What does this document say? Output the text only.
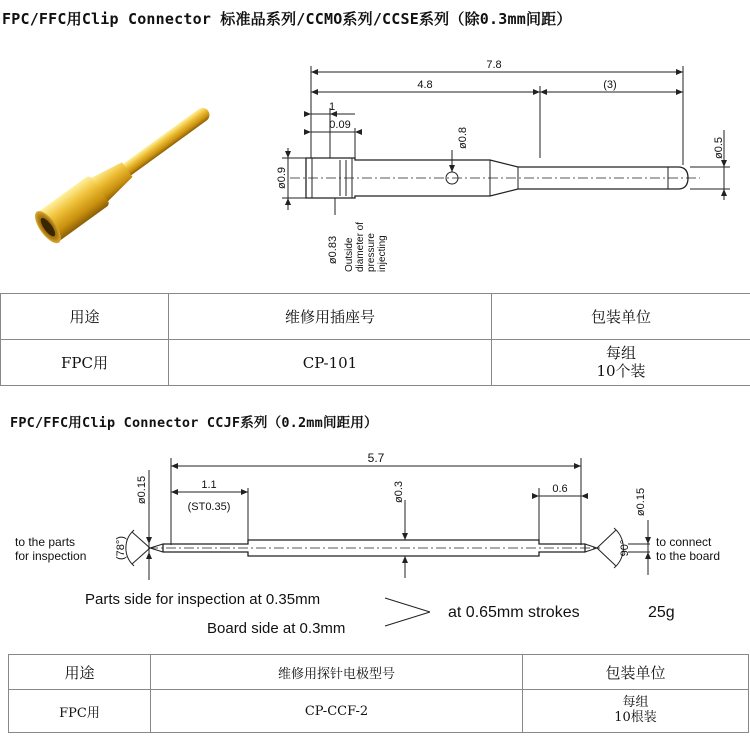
FPC/FFC用Clip Connector 标准品系列/CCMO系列/CCSE系列（除0.3mm间距）
7.8
4.8	(3)
1
0.09
ø0.8	ø0.5
ø0.9
ø0.83 Outside diameter of pressure injecting
用途	维修用插座号	包装单位
FPC用	CP-101	每组
10个装
FPC/FFC用Clip Connector CCJF系列（0.2mm间距用）
5.7
1.1
(ST0.35)
0.6
ø0.3
ø0.15	ø0.15
(78°)	90°
to the parts
for inspection
to connect
to the board
Parts side for inspection at 0.35mm
Board side at 0.3mm
at 0.65mm strokes	25g
用途	维修用探针电极型号	包装单位
FPC用	CP-CCF-2	每组
10根装
